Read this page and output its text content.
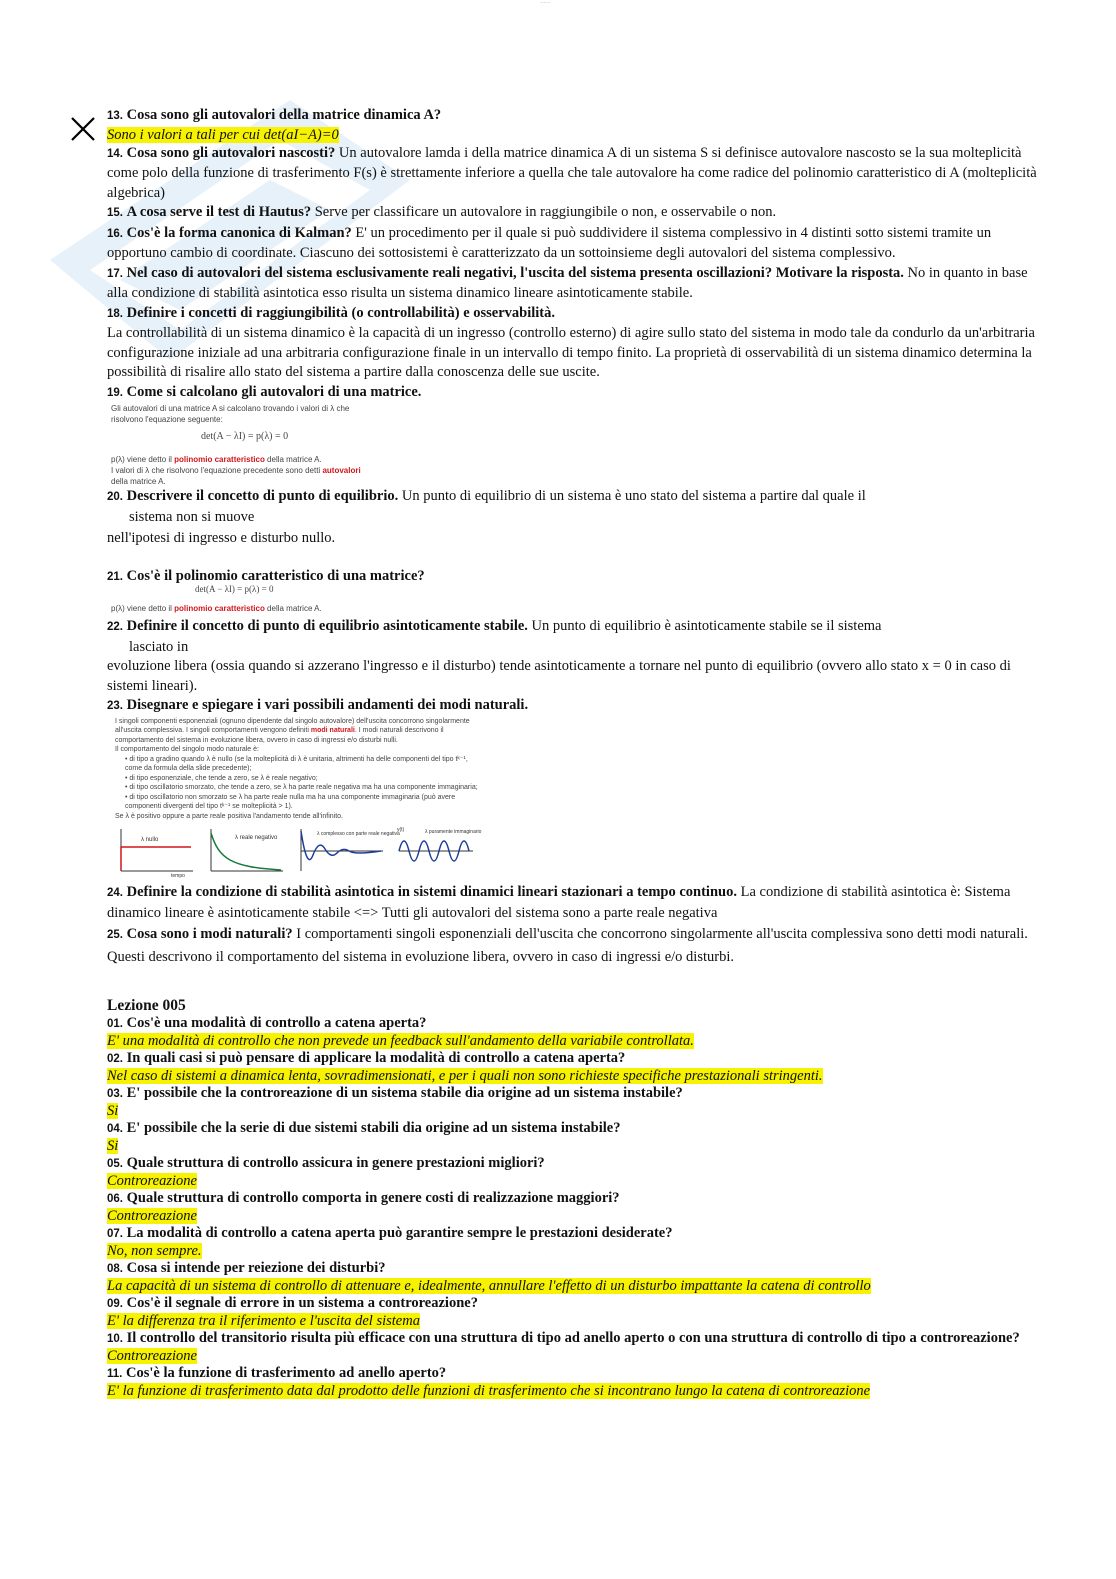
........

13. Cosa sono gli autovalori della matrice dinamica A?

Sono i valori a tali per cui det(aI−A)=0

14. Cosa sono gli autovalori nascosti? Un autovalore lamda i della matrice dinamica A di un sistema S si definisce autovalore nascosto se la sua molteplicità come polo della funzione di trasferimento F(s) è strettamente inferiore a quella che tale autovalore ha come radice del polinomio caratteristico di A (molteplicità algebrica)

15. A cosa serve il test di Hautus? Serve per classificare un autovalore in raggiungibile o non, e osservabile o non.

16. Cos'è la forma canonica di Kalman? E' un procedimento per il quale si può suddividere il sistema complessivo in 4 distinti sotto sistemi tramite un opportuno cambio di coordinate. Ciascuno dei sottosistemi è caratterizzato da un sottoinsieme degli autovalori del sistema complessivo.

17. Nel caso di autovalori del sistema esclusivamente reali negativi, l'uscita del sistema presenta oscillazioni? Motivare la risposta. No in quanto in base alla condizione di stabilità asintotica esso risulta un sistema dinamico lineare asintoticamente stabile.

18. Definire i concetti di raggiungibilità (o controllabilità) e osservabilità.

La controllabilità di un sistema dinamico è la capacità di un ingresso (controllo esterno) di agire sullo stato del sistema in modo tale da condurlo da un'arbitraria configurazione iniziale ad una arbitraria configurazione finale in un intervallo di tempo finito. La proprietà di osservabilità di un sistema dinamico determina la possibilità di risalire allo stato del sistema a partire dalla conoscenza delle sue uscite.

19. Come si calcolano gli autovalori di una matrice.

Gli autovalori di una matrice A si calcolano trovando i valori di λ che
risolvono l'equazione seguente:
det(A − λI) = p(λ) = 0
p(λ) viene detto il polinomio caratteristico della matrice A.
I valori di λ che risolvono l'equazione precedente sono detti autovalori
della matrice A.

20. Descrivere il concetto di punto di equilibrio. Un punto di equilibrio di un sistema è uno stato del sistema a partire dal quale il

sistema non si muove

nell'ipotesi di ingresso e disturbo nullo.

21. Cos'è il polinomio caratteristico di una matrice?

det(A − λI) = p(λ) = 0
p(λ) viene detto il polinomio caratteristico della matrice A.

22. Definire il concetto di punto di equilibrio asintoticamente stabile. Un punto di equilibrio è asintoticamente stabile se il sistema

lasciato in

evoluzione libera (ossia quando si azzerano l'ingresso e il disturbo) tende asintoticamente a tornare nel punto di equilibrio (ovvero allo stato x = 0 in caso di sistemi lineari).

23. Disegnare e spiegare i vari possibili andamenti dei modi naturali.

I singoli componenti esponenziali (ognuno dipendente dal singolo autovalore) dell'uscita concorrono singolarmente all'uscita complessiva. I singoli comportamenti vengono definiti modi naturali. I modi naturali descrivono il comportamento del sistema in evoluzione libera, ovvero in caso di ingressi e/o disturbi nulli.
Il comportamento del singolo modo naturale è:
• di tipo a gradino quando λ è nullo (se la molteplicità di λ è unitaria, altrimenti ha delle componenti del tipo tᵏ⁻¹, come da formula della slide precedente);
• di tipo esponenziale, che tende a zero, se λ è reale negativo;
• di tipo oscillatorio smorzato, che tende a zero, se λ ha parte reale negativa ma ha una componente immaginaria;
• di tipo oscillatorio non smorzato se λ ha parte reale nulla ma ha una componente immaginaria (può avere componenti divergenti del tipo tᵏ⁻¹ se molteplicità > 1).
Se λ è positivo oppure a parte reale positiva l'andamento tende all'infinito.
λ nullo
tempo
λ reale negativo
λ complesso con parte reale negativa	λ puramente immaginario
y(t)

24. Definire la condizione di stabilità asintotica in sistemi dinamici lineari stazionari a tempo continuo. La condizione di stabilità asintotica è: Sistema dinamico lineare è asintoticamente stabile <=> Tutti gli autovalori del sistema sono a parte reale negativa

25. Cosa sono i modi naturali? I comportamenti singoli esponenziali dell'uscita che concorrono singolarmente all'uscita complessiva sono detti modi naturali. Questi descrivono il comportamento del sistema in evoluzione libera, ovvero in caso di ingressi e/o disturbi.

Lezione 005

01. Cos'è una modalità di controllo a catena aperta?

E' una modalità di controllo che non prevede un feedback sull'andamento della variabile controllata.

02. In quali casi si può pensare di applicare la modalità di controllo a catena aperta?

Nel caso di sistemi a dinamica lenta, sovradimensionati, e per i quali non sono richieste specifiche prestazionali stringenti.

03. E' possibile che la controreazione di un sistema stabile dia origine ad un sistema instabile?

Si

04. E' possibile che la serie di due sistemi stabili dia origine ad un sistema instabile?

Si

05. Quale struttura di controllo assicura in genere prestazioni migliori?

Controreazione

06. Quale struttura di controllo comporta in genere costi di realizzazione maggiori?

Controreazione

07. La modalità di controllo a catena aperta può garantire sempre le prestazioni desiderate?

No, non sempre.

08. Cosa si intende per reiezione dei disturbi?

La capacità di un sistema di controllo di attenuare e, idealmente, annullare l'effetto di un disturbo impattante la catena di controllo

09. Cos'è il segnale di errore in un sistema a controreazione?

E' la differenza tra il riferimento e l'uscita del sistema

10. Il controllo del transitorio risulta più efficace con una struttura di tipo ad anello aperto o con una struttura di controllo di tipo a controreazione?

Controreazione

11. Cos'è la funzione di trasferimento ad anello aperto?

E' la funzione di trasferimento data dal prodotto delle funzioni di trasferimento che si incontrano lungo la catena di controreazione
